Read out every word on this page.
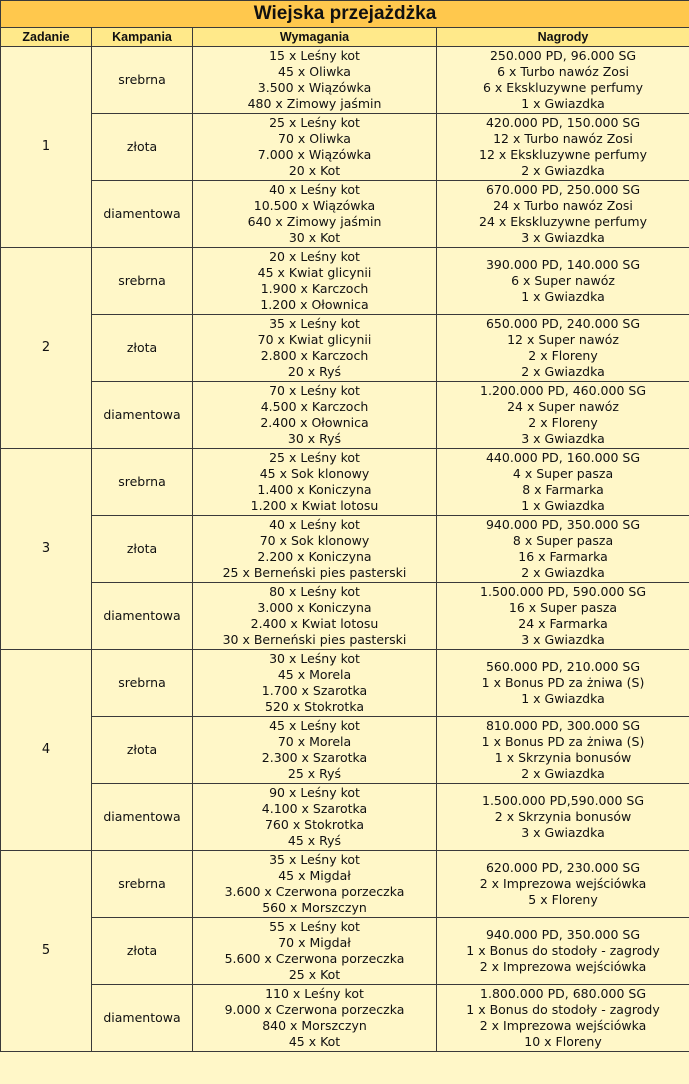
Wiejska przejażdżka			
Zadanie	Kampania	Wymagania	Nagrody
1	srebrna	15 x Leśny kot
45 x Oliwka
3.500 x Wiązówka
480 x Zimowy jaśmin	250.000 PD, 96.000 SG
6 x Turbo nawóz Zosi
6 x Ekskluzywne perfumy
1 x Gwiazdka

	złota	25 x Leśny kot
70 x Oliwka
7.000 x Wiązówka
20 x Kot	420.000 PD, 150.000 SG
12 x Turbo nawóz Zosi
12 x Ekskluzywne perfumy
2 x Gwiazdka

	diamentowa	40 x Leśny kot
10.500 x Wiązówka
640 x Zimowy jaśmin
30 x Kot	670.000 PD, 250.000 SG
24 x Turbo nawóz Zosi
24 x Ekskluzywne perfumy
3 x Gwiazdka

2	srebrna	20 x Leśny kot
45 x Kwiat glicynii
1.900 x Karczoch
1.200 x Ołownica	390.000 PD, 140.000 SG
6 x Super nawóz
1 x Gwiazdka

	złota	35 x Leśny kot
70 x Kwiat glicynii
2.800 x Karczoch
20 x Ryś	650.000 PD, 240.000 SG
12 x Super nawóz
2 x Floreny
2 x Gwiazdka

	diamentowa	70 x Leśny kot
4.500 x Karczoch
2.400 x Ołownica
30 x Ryś	1.200.000 PD, 460.000 SG
24 x Super nawóz
2 x Floreny
3 x Gwiazdka

3	srebrna	25 x Leśny kot
45 x Sok klonowy
1.400 x Koniczyna
1.200 x Kwiat lotosu	440.000 PD, 160.000 SG
4 x Super pasza
8 x Farmarka
1 x Gwiazdka

	złota	40 x Leśny kot
70 x Sok klonowy
2.200 x Koniczyna
25 x Berneński pies pasterski	940.000 PD, 350.000 SG
8 x Super pasza
16 x Farmarka
2 x Gwiazdka

	diamentowa	80 x Leśny kot
3.000 x Koniczyna
2.400 x Kwiat lotosu
30 x Berneński pies pasterski	1.500.000 PD, 590.000 SG
16 x Super pasza
24 x Farmarka
3 x Gwiazdka

4	srebrna	30 x Leśny kot
45 x Morela
1.700 x Szarotka
520 x Stokrotka	560.000 PD, 210.000 SG
1 x Bonus PD za żniwa (S)
1 x Gwiazdka

	złota	45 x Leśny kot
70 x Morela
2.300 x Szarotka
25 x Ryś	810.000 PD, 300.000 SG
1 x Bonus PD za żniwa (S)
1 x Skrzynia bonusów
2 x Gwiazdka

	diamentowa	90 x Leśny kot
4.100 x Szarotka
760 x Stokrotka
45 x Ryś	1.500.000 PD,590.000 SG
2 x Skrzynia bonusów
3 x Gwiazdka

5	srebrna	35 x Leśny kot
45 x Migdał
3.600 x Czerwona porzeczka
560 x Morszczyn	620.000 PD, 230.000 SG
2 x Imprezowa wejściówka
5 x Floreny

	złota	55 x Leśny kot
70 x Migdał
5.600 x Czerwona porzeczka
25 x Kot	940.000 PD, 350.000 SG
1 x Bonus do stodoły - zagrody
2 x Imprezowa wejściówka

	diamentowa	110 x Leśny kot
9.000 x Czerwona porzeczka
840 x Morszczyn
45 x Kot	1.800.000 PD, 680.000 SG
1 x Bonus do stodoły - zagrody
2 x Imprezowa wejściówka
10 x Floreny
